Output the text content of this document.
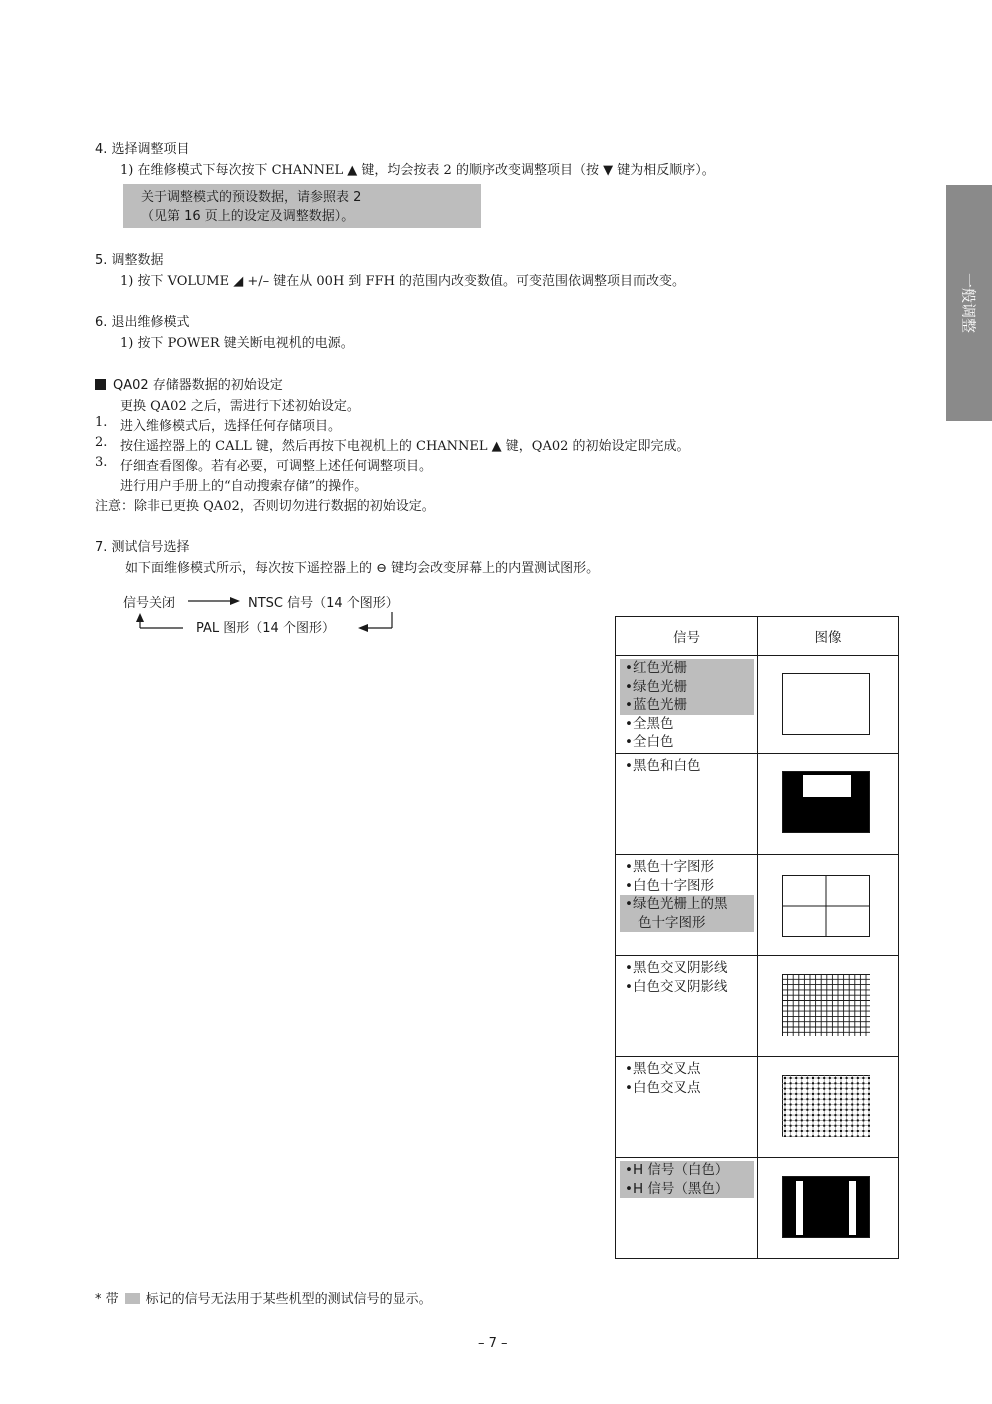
一般调整
4. 选择调整项目
1) 在维修模式下每次按下 CHANNEL ▲ 键，均会按表 2 的顺序改变调整项目（按 ▼ 键为相反顺序）。
关于调整模式的预设数据，请参照表 2
（见第 16 页上的设定及调整数据）。
5. 调整数据
1) 按下 VOLUME ◢ +/– 键在从 00H 到 FFH 的范围内改变数值。可变范围依调整项目而改变。
6. 退出维修模式
1) 按下 POWER 键关断电视机的电源。
QA02 存储器数据的初始设定
更换 QA02 之后，需进行下述初始设定。
1. 进入维修模式后，选择任何存储项目。
2. 按住遥控器上的 CALL 键，然后再按下电视机上的 CHANNEL ▲ 键，QA02 的初始设定即完成。
3. 仔细查看图像。若有必要，可调整上述任何调整项目。
进行用户手册上的“自动搜索存储”的操作。
注意：除非已更换 QA02，否则切勿进行数据的初始设定。
7. 测试信号选择
如下面维修模式所示，每次按下遥控器上的 ⊖ 键均会改变屏幕上的内置测试图形。
信号关闭	NTSC 信号（14 个图形）
PAL 图形（14 个图形）
信号	图像

•红色光栅
•绿色光栅
•蓝色光栅
•全黑色
•全白色	

•黑色和白色	

•黑色十字图形
•白色十字图形
•绿色光栅上的黑
色十字图形

•黑色交叉阴影线
•白色交叉阴影线

•黑色交叉点
•白色交叉点

•H 信号（白色）
•H 信号（黑色）	

* 带 标记的信号无法用于某些机型的测试信号的显示。
– 7 –
